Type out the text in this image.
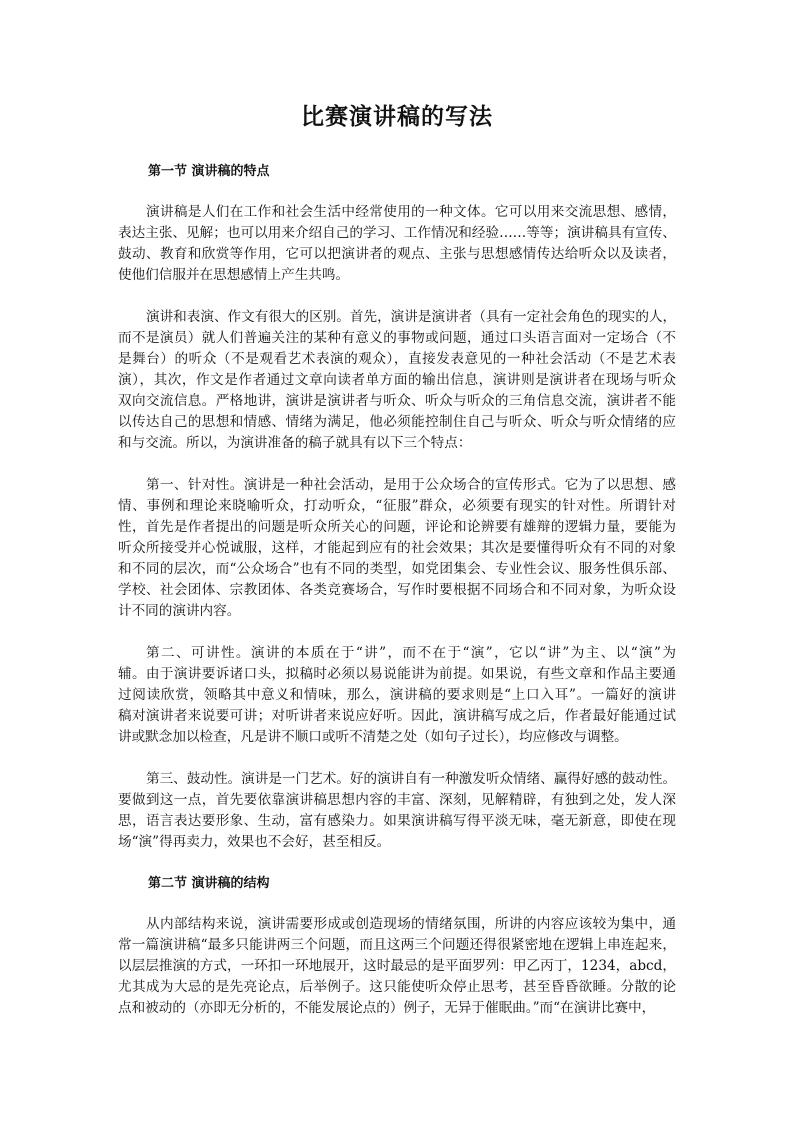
比赛演讲稿的写法
第一节 演讲稿的特点

演讲稿是人们在工作和社会生活中经常使用的一种文体。它可以用来交流思想、感情，
表达主张、见解；也可以用来介绍自己的学习、工作情况和经验……等等；演讲稿具有宣传、
鼓动、教育和欣赏等作用，它可以把演讲者的观点、主张与思想感情传达给听众以及读者，
使他们信服并在思想感情上产生共鸣。

演讲和表演、作文有很大的区别。首先，演讲是演讲者（具有一定社会角色的现实的人，
而不是演员）就人们普遍关注的某种有意义的事物或问题，通过口头语言面对一定场合（不
是舞台）的听众（不是观看艺术表演的观众），直接发表意见的一种社会活动（不是艺术表
演），其次，作文是作者通过文章向读者单方面的输出信息，演讲则是演讲者在现场与听众
双向交流信息。严格地讲，演讲是演讲者与听众、听众与听众的三角信息交流，演讲者不能
以传达自己的思想和情感、情绪为满足，他必须能控制住自己与听众、听众与听众情绪的应
和与交流。所以，为演讲准备的稿子就具有以下三个特点：

第一、针对性。演讲是一种社会活动，是用于公众场合的宣传形式。它为了以思想、感
情、事例和理论来晓喻听众，打动听众，“征服”群众，必须要有现实的针对性。所谓针对
性，首先是作者提出的问题是听众所关心的问题，评论和论辨要有雄辩的逻辑力量，要能为
听众所接受并心悦诚服，这样，才能起到应有的社会效果；其次是要懂得听众有不同的对象
和不同的层次，而“公众场合”也有不同的类型，如党团集会、专业性会议、服务性俱乐部、
学校、社会团体、宗教团体、各类竞赛场合，写作时要根据不同场合和不同对象，为听众设
计不同的演讲内容。

第二、可讲性。演讲的本质在于“讲”，而不在于“演”，它以“讲”为主、以“演”为
辅。由于演讲要诉诸口头，拟稿时必须以易说能讲为前提。如果说，有些文章和作品主要通
过阅读欣赏，领略其中意义和情味，那么，演讲稿的要求则是“上口入耳”。一篇好的演讲
稿对演讲者来说要可讲；对听讲者来说应好听。因此，演讲稿写成之后，作者最好能通过试
讲或默念加以检查，凡是讲不顺口或听不清楚之处（如句子过长），均应修改与调整。

第三、鼓动性。演讲是一门艺术。好的演讲自有一种激发听众情绪、赢得好感的鼓动性。
要做到这一点，首先要依靠演讲稿思想内容的丰富、深刻，见解精辟，有独到之处，发人深
思，语言表达要形象、生动，富有感染力。如果演讲稿写得平淡无味，毫无新意，即使在现
场“演”得再卖力，效果也不会好，甚至相反。

第二节 演讲稿的结构

从内部结构来说，演讲需要形成或创造现场的情绪氛围，所讲的内容应该较为集中，通
常一篇演讲稿“最多只能讲两三个问题，而且这两三个问题还得很紧密地在逻辑上串连起来，
以层层推演的方式，一环扣一环地展开，这时最忌的是平面罗列：甲乙丙丁，1234，abcd，
尤其成为大忌的是先亮论点，后举例子。这只能使听众停止思考，甚至昏昏欲睡。分散的论
点和被动的（亦即无分析的，不能发展论点的）例子，无异于催眠曲。”而“在演讲比赛中，
